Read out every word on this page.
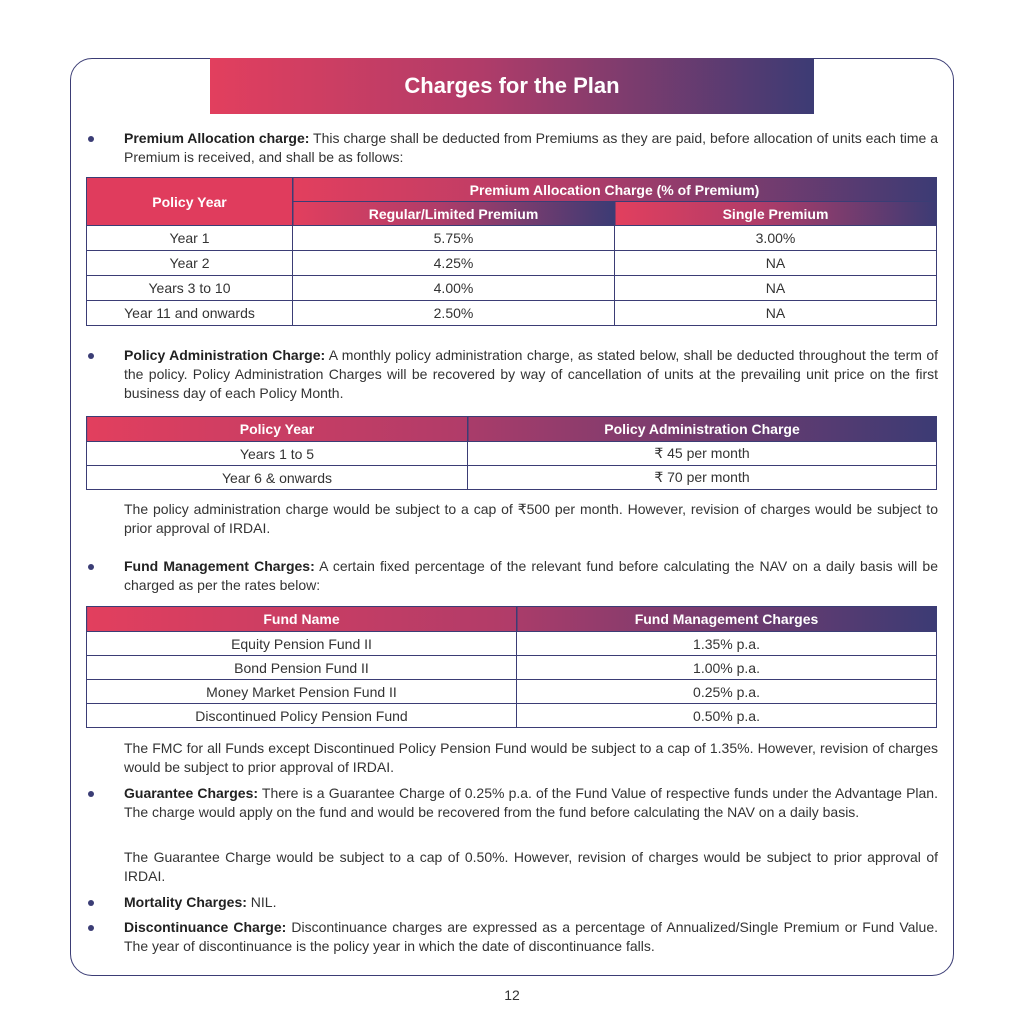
Charges for the Plan
Premium Allocation charge: This charge shall be deducted from Premiums as they are paid, before allocation of units each time a Premium is received, and shall be as follows:
Policy Year	Premium Allocation Charge (% of Premium)	
	Regular/Limited Premium	Single Premium
Year 1	5.75%	3.00%
Year 2	4.25%	NA
Years 3 to 10	4.00%	NA
Year 11 and onwards	2.50%	NA
Policy Administration Charge: A monthly policy administration charge, as stated below, shall be deducted throughout the term of the policy. Policy Administration Charges will be recovered by way of cancellation of units at the prevailing unit price on the first business day of each Policy Month.
Policy Year	Policy Administration Charge
Years 1 to 5	₹ 45 per month
Year 6 & onwards	₹ 70 per month
The policy administration charge would be subject to a cap of ₹500 per month. However, revision of charges would be subject to prior approval of IRDAI.
Fund Management Charges: A certain fixed percentage of the relevant fund before calculating the NAV on a daily basis will be charged as per the rates below:
Fund Name	Fund Management Charges
Equity Pension Fund II	1.35% p.a.
Bond Pension Fund II	1.00% p.a.
Money Market Pension Fund II	0.25% p.a.
Discontinued Policy Pension Fund	0.50% p.a.
The FMC for all Funds except Discontinued Policy Pension Fund would be subject to a cap of 1.35%. However, revision of charges would be subject to prior approval of IRDAI.
Guarantee Charges: There is a Guarantee Charge of 0.25% p.a. of the Fund Value of respective funds under the Advantage Plan. The charge would apply on the fund and would be recovered from the fund before calculating the NAV on a daily basis.
The Guarantee Charge would be subject to a cap of 0.50%. However, revision of charges would be subject to prior approval of IRDAI.
Mortality Charges: NIL.
Discontinuance Charge: Discontinuance charges are expressed as a percentage of Annualized/Single Premium or Fund Value. The year of discontinuance is the policy year in which the date of discontinuance falls.
12
